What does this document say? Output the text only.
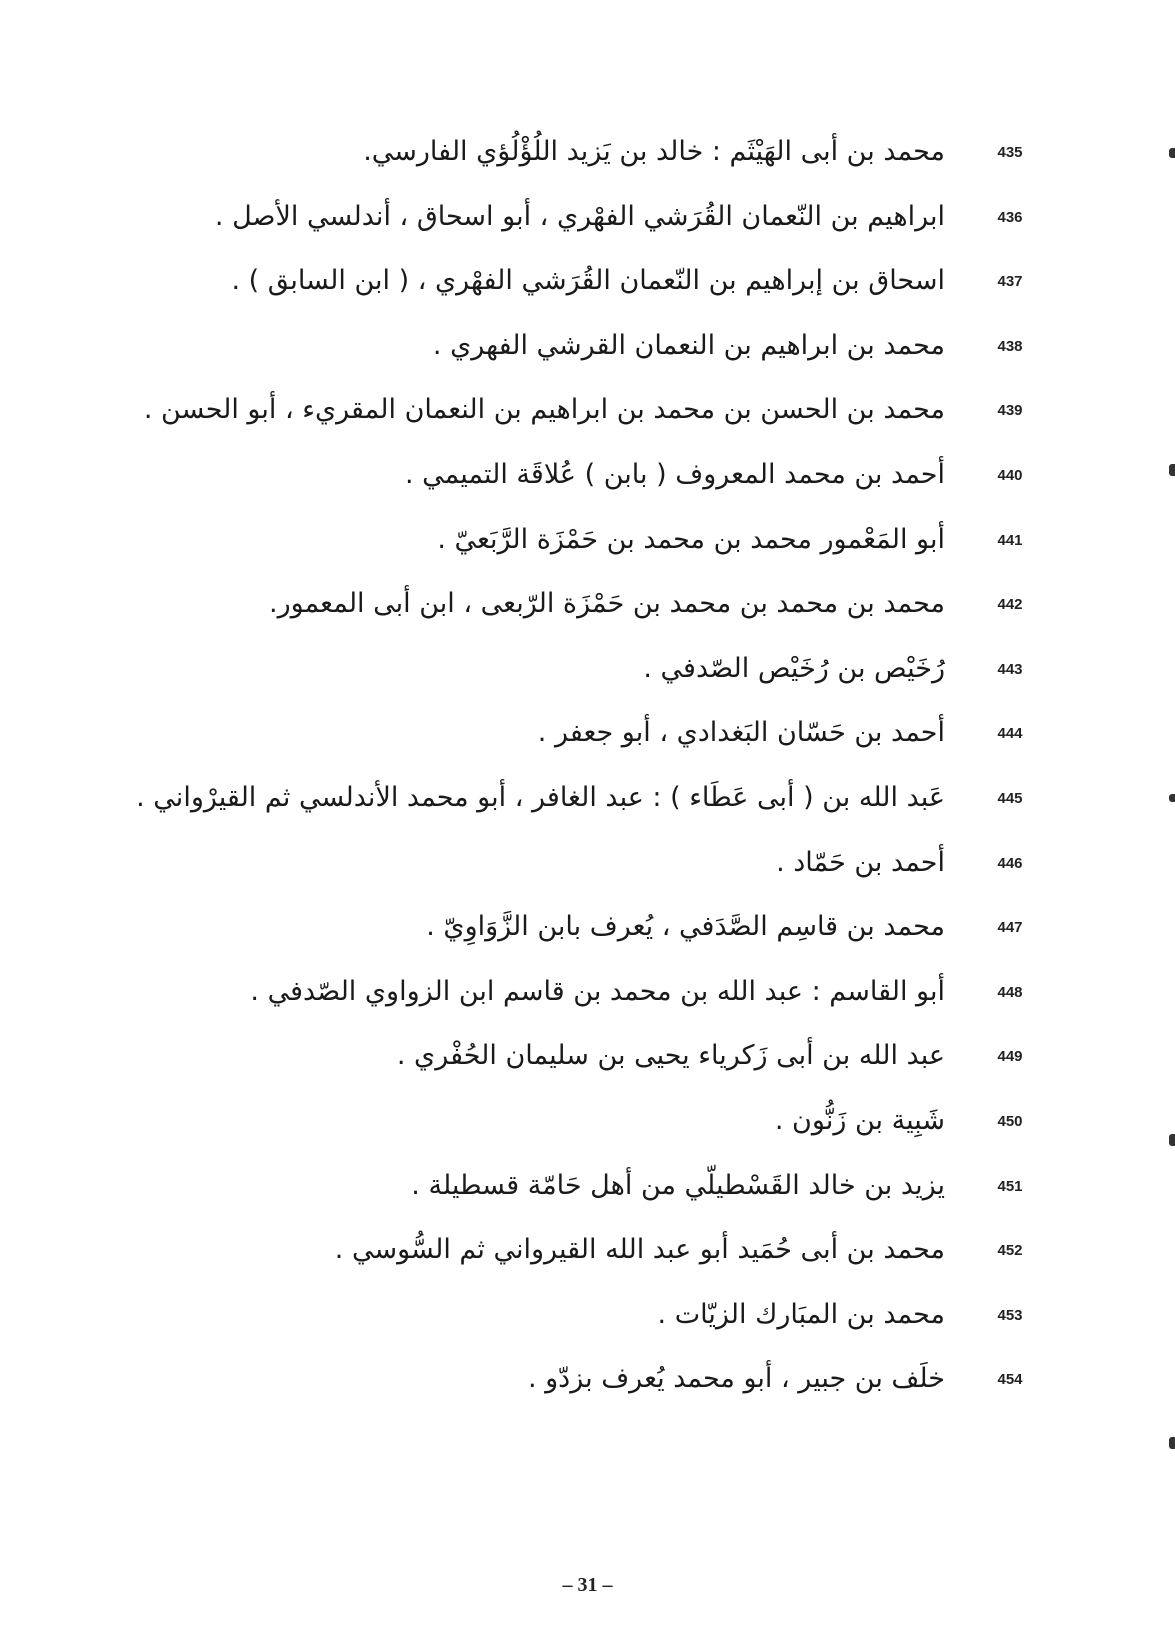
435
محمد بن أبى الهَيْثَم : خالد بن يَزيد اللُؤْلُؤي الفارسي.
436
ابراهيم بن النّعمان القُرَشي الفهْري ، أبو اسحاق ، أندلسي الأصل .
437
اسحاق بن إبراهيم بن النّعمان القُرَشي الفهْري ، ( ابن السابق ) .
438
محمد بن ابراهيم بن النعمان القرشي الفهري .
439
محمد بن الحسن بن محمد بن ابراهيم بن النعمان المقريء ، أبو الحسن .
440
أحمد بن محمد المعروف ( بابن ) عُلاقَة التميمي .
441
أبو المَعْمور محمد بن محمد بن حَمْزَة الرَّبَعيّ .
442
محمد بن محمد بن محمد بن حَمْزَة الرّبعى ، ابن أبى المعمور.
443
رُخَيْص بن رُخَيْص الصّدفي .
444
أحمد بن حَسّان البَغدادي ، أبو جعفر .
445
عَبد الله بن ( أبى عَطَاء ) : عبد الغافر ، أبو محمد الأندلسي ثم القيرْواني .
446
أحمد بن حَمّاد .
447
محمد بن قاسِم الصَّدَفي ، يُعرف بابن الزَّوَاوِيّ .
448
أبو القاسم : عبد الله بن محمد بن قاسم ابن الزواوي الصّدفي .
449
عبد الله بن أبى زَكرياء يحيى بن سليمان الحُفْري .
450
شَبِية بن زَنُّون .
451
يزيد بن خالد القَسْطيلّي من أهل حَامّة قسطيلة .
452
محمد بن أبى حُمَيد أبو عبد الله القيرواني ثم السُّوسي .
453
محمد بن المبَارك الزيّات .
454
خلَف بن جبير ، أبو محمد يُعرف بزدّو .
– 31 –
